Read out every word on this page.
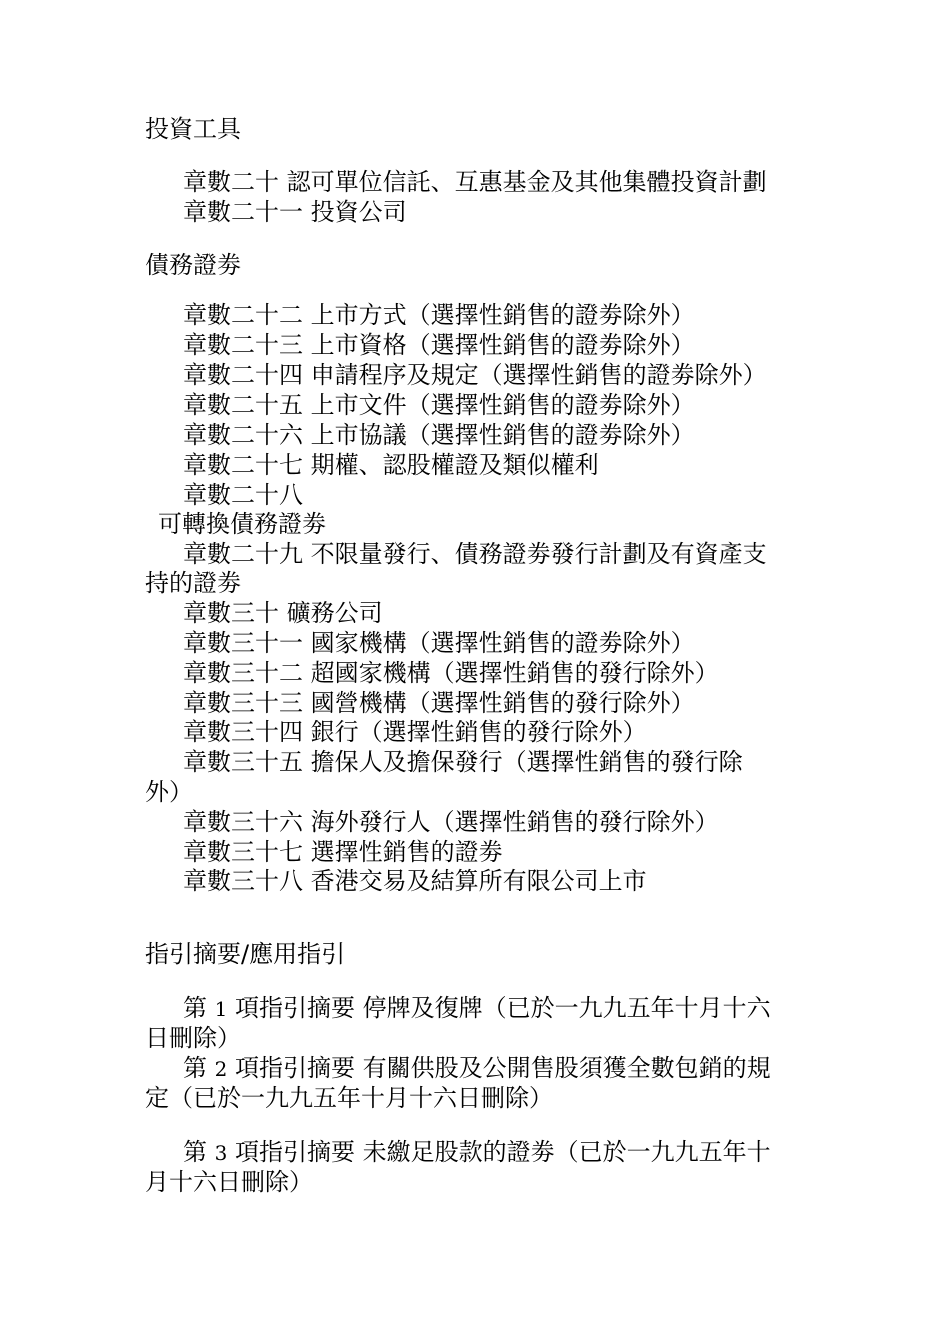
投資工具
章數二十 認可單位信託、互惠基金及其他集體投資計劃
章數二十一 投資公司
債務證劵
章數二十二 上市方式（選擇性銷售的證劵除外）
章數二十三 上市資格（選擇性銷售的證劵除外）
章數二十四 申請程序及規定（選擇性銷售的證劵除外）
章數二十五 上市文件（選擇性銷售的證劵除外）
章數二十六 上市協議（選擇性銷售的證劵除外）
章數二十七 期權、認股權證及類似權利
章數二十八
可轉換債務證劵
章數二十九 不限量發行、債務證劵發行計劃及有資產支
持的證劵
章數三十 礦務公司
章數三十一 國家機構（選擇性銷售的證劵除外）
章數三十二 超國家機構（選擇性銷售的發行除外）
章數三十三 國營機構（選擇性銷售的發行除外）
章數三十四 銀行（選擇性銷售的發行除外）
章數三十五 擔保人及擔保發行（選擇性銷售的發行除
外）
章數三十六 海外發行人（選擇性銷售的發行除外）
章數三十七 選擇性銷售的證劵
章數三十八 香港交易及結算所有限公司上市
指引摘要/應用指引
第 1 項指引摘要 停牌及復牌（已於一九九五年十月十六
日刪除）
第 2 項指引摘要 有關供股及公開售股須獲全數包銷的規
定（已於一九九五年十月十六日刪除）
第 3 項指引摘要 未繳足股款的證劵（已於一九九五年十
月十六日刪除）
